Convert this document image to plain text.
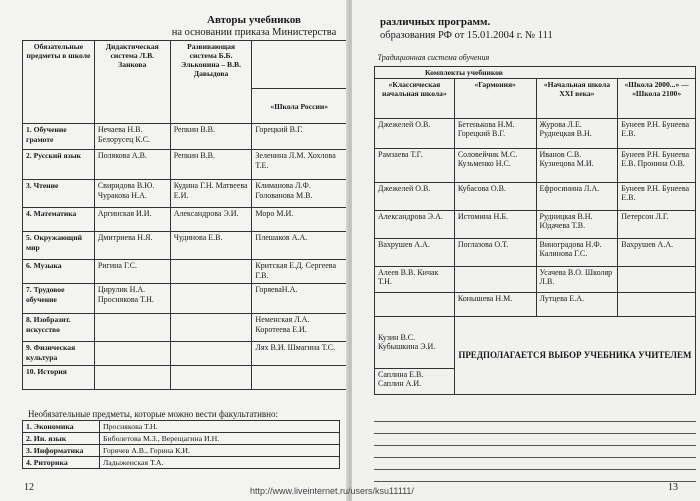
Авторы учебников
на основании приказа Министерства
Обязательные предметы в школе	Дидактическая система Л.В. Занкова	Развивающая система Б.Б. Эльконина – В.В. Давыдова	
			«Школа России»
1. Обучение грамоте	Нечаева Н.В. Белорусец К.С.	Репкин В.В.	Горецкий В.Г.
2. Русский язык	Полякова А.В.	Репкин В.В.	Зеленина Л.М. Хохлова Т.Е.
3. Чтение	Свиридова В.Ю. Чуракова Н.А.	Кудина Г.Н. Матвеева Е.И.	Климанова Л.Ф. Голованова М.В.
4. Математика	Аргинская И.И.	Александрова Э.И.	Моро М.И.
5. Окружающий мир	Дмитриева Н.Я.	Чудинова Е.В.	Плешаков А.А.
6. Музыка	Ригина Г.С.		Критская Е.Д. Сергеева Г.В.
7. Трудовое обучение	Цирулик Н.А. Проснякова Т.Н.		ГоряеваН.А.
8. Изобразит. искусство			Неменская Л.А. Коротеева Е.И.
9. Физическая культура			Лях В.И. Шмагина Т.С.
10. История			
Необязательные предметы, которые можно вести факультативно:
1. Экономика	Проснякова Т.Н.
2. Ин. язык	Биболетова М.З., Верещагина И.Н.
3. Информатика	Горячев А.В., Горина К.И.
4. Риторика	Ладыженская Т.А.
12
различных программ.
образования РФ от 15.01.2004 г. № 111
Традиционная система обучения			
Комплекты учебников			
«Классическая начальная школа»	«Гармония»	«Начальная школа XXI века»	«Школа 2000...» — «Школа 2100»
Джежелей О.В.	Бетенькова Н.М. Горецкий В.Г.	Журова Л.Е. Руднецкая В.Н.	Бунеев Р.Н. Бунеева Е.В.
Рамзаева Т.Г.	Соловейчик М.С. Кузьменко Н.С.	Иванов С.В. Кузнецова М.И.	Бунеев Р.Н. Бунеева Е.В. Пронина О.В.
Джежелей О.В.	Кубасова О.В.	Ефросинина Л.А.	Бунеев Р.Н. Бунеева Е.В.
Александрова Э.А.	Истомина Н.Б.	Рудницкая В.Н. Юдачева Т.В.	Петерсон Л.Г.
Вахрушев А.А.	Поглазова О.Т.	Виноградова Н.Ф. Калинова Г.С.	Вахрушев А.А.
Алеев В.В. Кичак Т.Н.		Усачева В.О. Школяр Л.В.	
	Конышева Н.М.	Лутцева Е.А.	
Кузин В.С. Кубышкина Э.И.	ПРЕДПОЛАГАЕТСЯ ВЫБОР УЧЕБНИКА УЧИТЕЛЕМ		
Саплина Е.В. Саплин А.И.			
13
http://www.liveinternet.ru/users/ksu11111/
